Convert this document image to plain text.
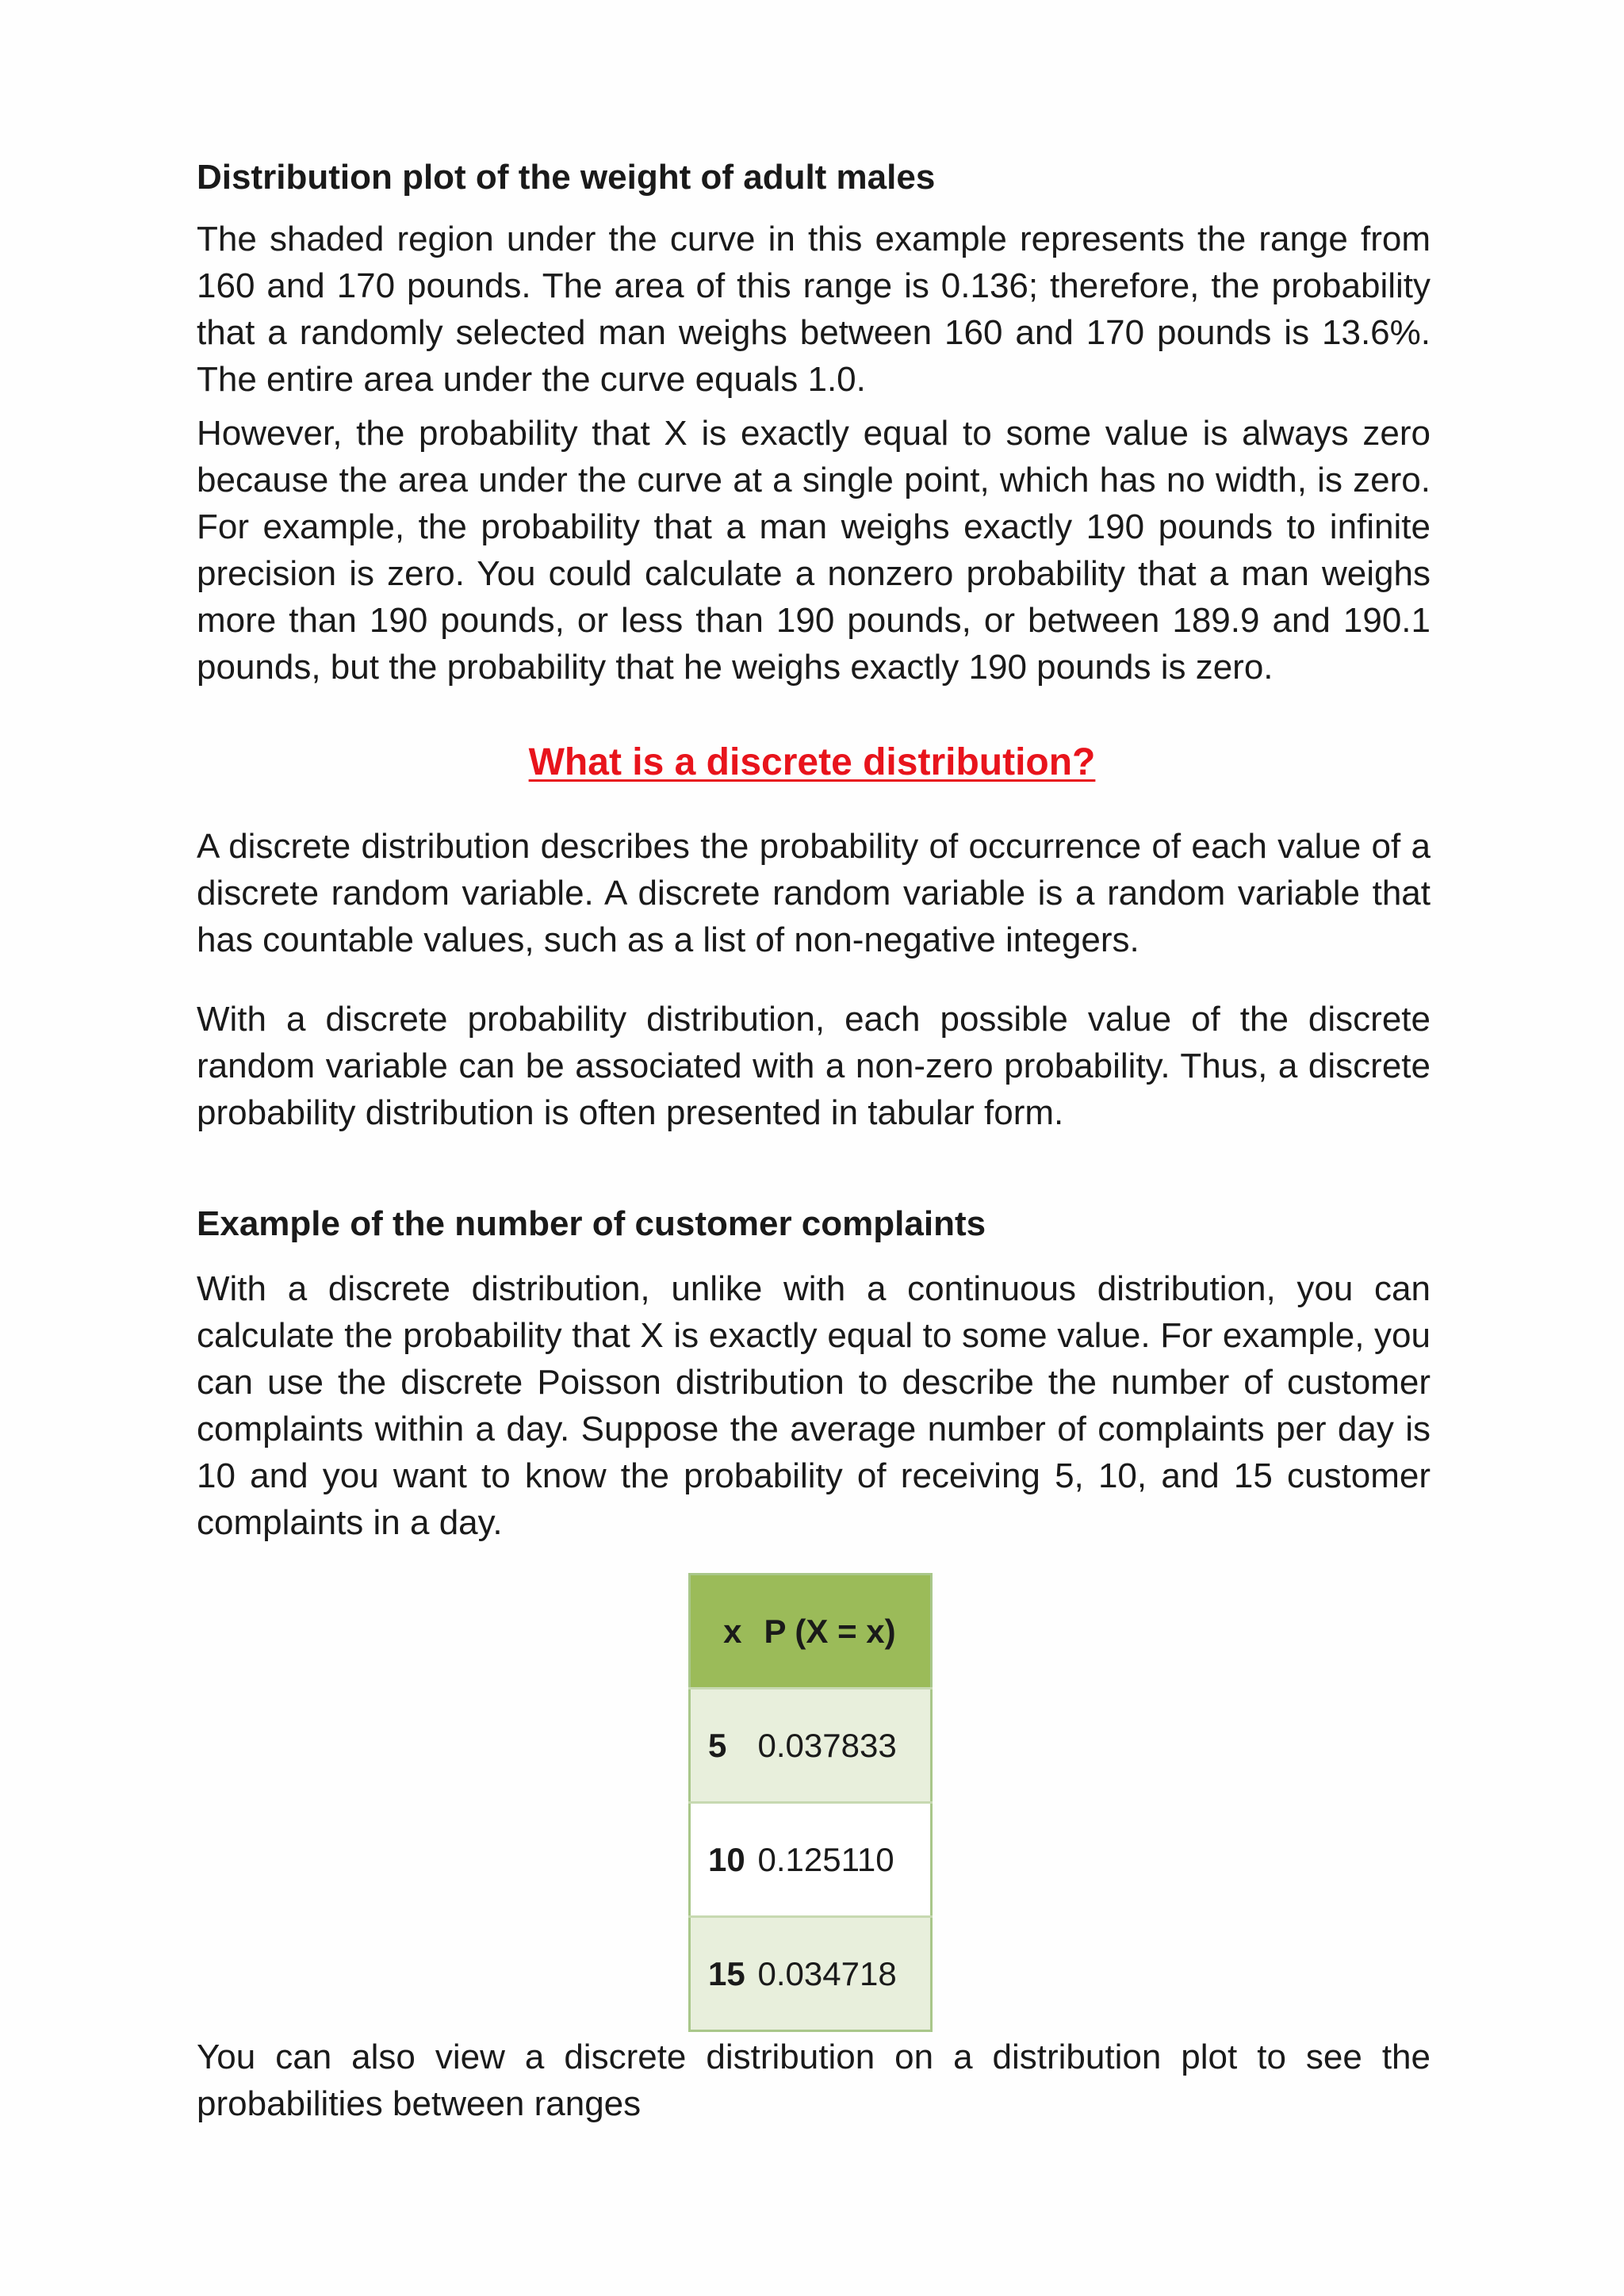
Distribution plot of the weight of adult males

The shaded region under the curve in this example represents the range from 160 and 170 pounds. The area of this range is 0.136; therefore, the probability that a randomly selected man weighs between 160 and 170 pounds is 13.6%. The entire area under the curve equals 1.0.

However, the probability that X is exactly equal to some value is always zero because the area under the curve at a single point, which has no width, is zero. For example, the probability that a man weighs exactly 190 pounds to infinite precision is zero. You could calculate a nonzero probability that a man weighs more than 190 pounds, or less than 190 pounds, or between 189.9 and 190.1 pounds, but the probability that he weighs exactly 190 pounds is zero.

What is a discrete distribution?

A discrete distribution describes the probability of occurrence of each value of a discrete random variable. A discrete random variable is a random variable that has countable values, such as a list of non-negative integers.

With a discrete probability distribution, each possible value of the discrete random variable can be associated with a non-zero probability. Thus, a discrete probability distribution is often presented in tabular form.

Example of the number of customer complaints

With a discrete distribution, unlike with a continuous distribution, you can calculate the probability that X is exactly equal to some value. For example, you can use the discrete Poisson distribution to describe the number of customer complaints within a day. Suppose the average number of complaints per day is 10 and you want to know the probability of receiving 5, 10, and 15 customer complaints in a day.

x	P (X = x)
5	0.037833
10	0.125110
15	0.034718

You can also view a discrete distribution on a distribution plot to see the probabilities between ranges
